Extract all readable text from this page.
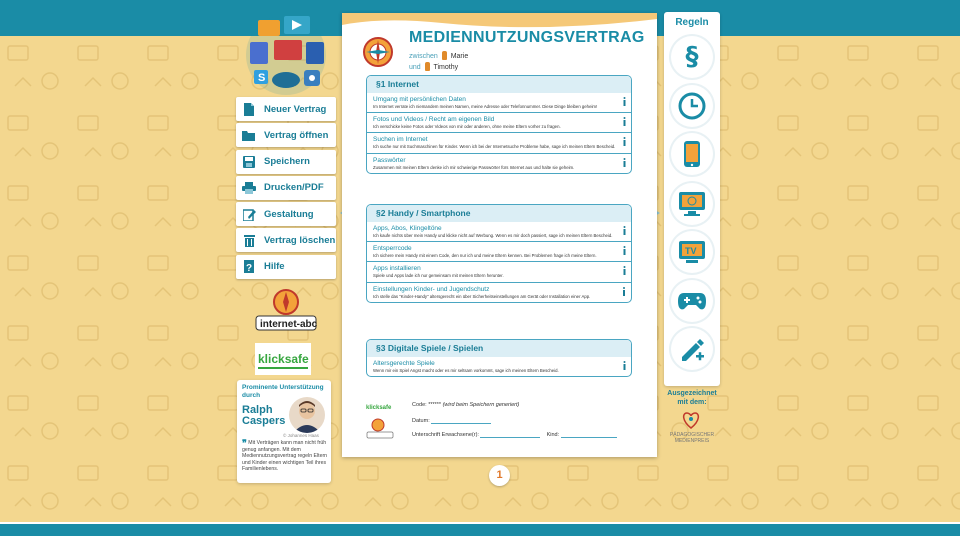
S
Neuer Vertrag
Vertrag öffnen
Speichern
Drucken/PDF
Gestaltung
Vertrag löschen
? Hilfe
internet-abc
klicksafe
Prominente Unterstützung durch
Ralph
Caspers
© Johannes Haas
❞ Mit Verträgen kann man nicht früh genug anfangen. Mit dem Mediennutzungsvertrag regeln Eltern und Kinder einen wichtigen Teil ihres Familienlebens.
MEDIENNUTZUNGSVERTRAG
zwischen Marie
und Timothy
§1 Internet
Umgang mit persönlichen Daten
Im Internet verrate ich niemandem meinen Namen, meine Adresse oder Telefonnummer. Diese Dinge bleiben geheim!
Fotos und Videos / Recht am eigenen Bild
Ich verschicke keine Fotos oder Videos von mir oder anderen, ohne meine Eltern vorher zu fragen.
Suchen im Internet
Ich suche nur mit Suchmaschinen für Kinder. Wenn ich bei der Internetsuche Probleme habe, sage ich meinen Eltern Bescheid.
Passwörter
Zusammen mit meinen Eltern denke ich mir schwierige Passwörter fürs Internet aus und halte sie geheim.
§2 Handy / Smartphone
Apps, Abos, Klingeltöne
Ich kaufe nichts über mein Handy und klicke nicht auf Werbung. Wenn es mir doch passiert, sage ich meinen Eltern Bescheid.
Entsperrcode
Ich sichere mein Handy mit einem Code, den nur ich und meine Eltern kennen. Bei Problemen frage ich meine Eltern.
Apps installieren
Spiele und Apps lade ich nur gemeinsam mit meinen Eltern herunter.
Einstellungen Kinder- und Jugendschutz
Ich stelle das "Kinder-Handy" altersgerecht ein über Sicherheitseinstellungen am Gerät oder Installation einer App.
§3 Digitale Spiele / Spielen
Altersgerechte Spiele
Wenn mir ein Spiel Angst macht oder es mir seltsam vorkommt, sage ich meinen Eltern Bescheid.
klicksafe	Code: ****** (wird beim Speichern generiert)
Datum:
Unterschrift Erwachsene(r):	Kind:
1
Regeln
§
TV
Ausgezeichnet mit dem:
PÄDAGOGISCHER MEDIENPREIS
